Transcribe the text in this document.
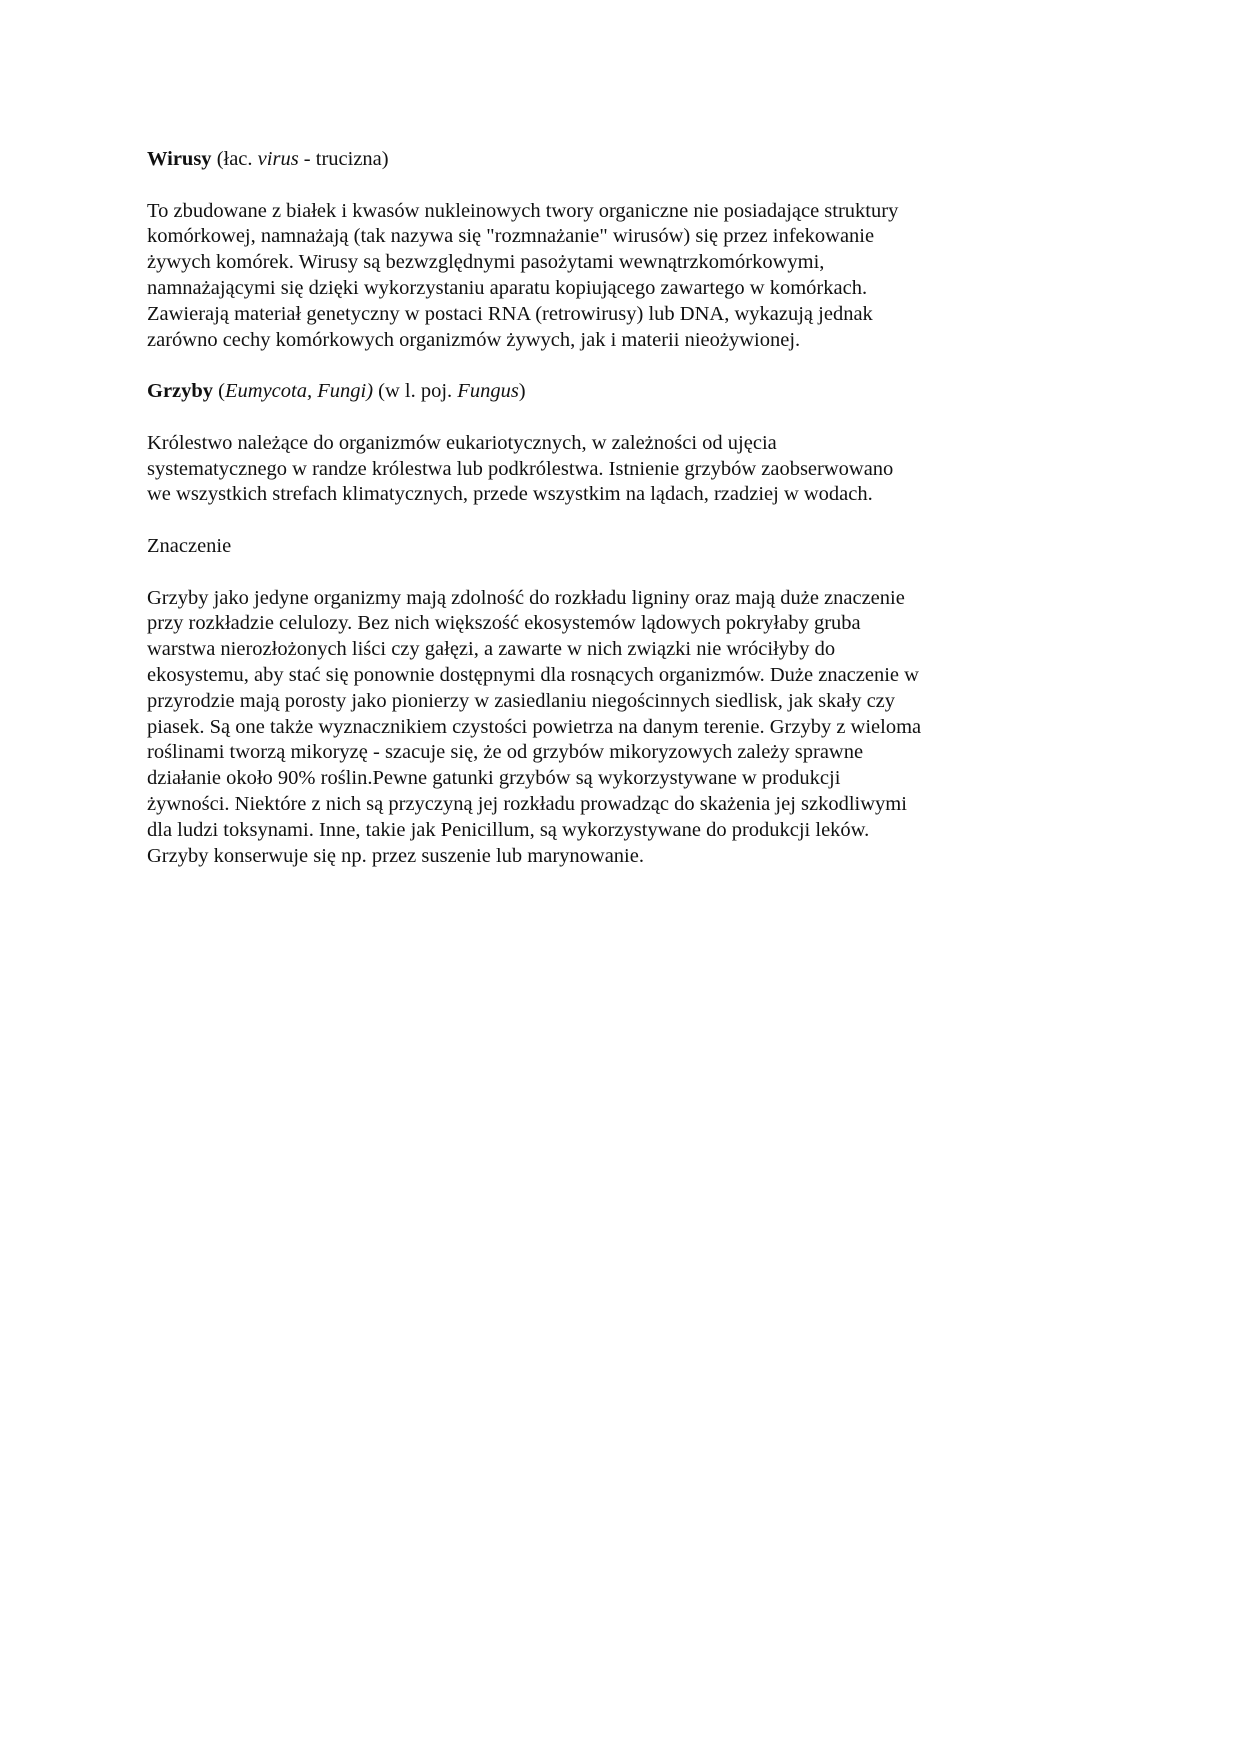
Wirusy (łac. virus - trucizna)

To zbudowane z białek i kwasów nukleinowych twory organiczne nie posiadające struktury
komórkowej, namnażają (tak nazywa się "rozmnażanie" wirusów) się przez infekowanie
żywych komórek. Wirusy są bezwzględnymi pasożytami wewnątrzkomórkowymi,
namnażającymi się dzięki wykorzystaniu aparatu kopiującego zawartego w komórkach.
Zawierają materiał genetyczny w postaci RNA (retrowirusy) lub DNA, wykazują jednak
zarówno cechy komórkowych organizmów żywych, jak i materii nieożywionej.

Grzyby (Eumycota, Fungi) (w l. poj. Fungus)

Królestwo należące do organizmów eukariotycznych, w zależności od ujęcia
systematycznego w randze królestwa lub podkrólestwa. Istnienie grzybów zaobserwowano
we wszystkich strefach klimatycznych, przede wszystkim na lądach, rzadziej w wodach.

Znaczenie

Grzyby jako jedyne organizmy mają zdolność do rozkładu ligniny oraz mają duże znaczenie
przy rozkładzie celulozy. Bez nich większość ekosystemów lądowych pokryłaby gruba
warstwa nierozłożonych liści czy gałęzi, a zawarte w nich związki nie wróciłyby do
ekosystemu, aby stać się ponownie dostępnymi dla rosnących organizmów. Duże znaczenie w
przyrodzie mają porosty jako pionierzy w zasiedlaniu niegościnnych siedlisk, jak skały czy
piasek. Są one także wyznacznikiem czystości powietrza na danym terenie. Grzyby z wieloma
roślinami tworzą mikoryzę - szacuje się, że od grzybów mikoryzowych zależy sprawne
działanie około 90% roślin.Pewne gatunki grzybów są wykorzystywane w produkcji
żywności. Niektóre z nich są przyczyną jej rozkładu prowadząc do skażenia jej szkodliwymi
dla ludzi toksynami. Inne, takie jak Penicillum, są wykorzystywane do produkcji leków.
Grzyby konserwuje się np. przez suszenie lub marynowanie.
